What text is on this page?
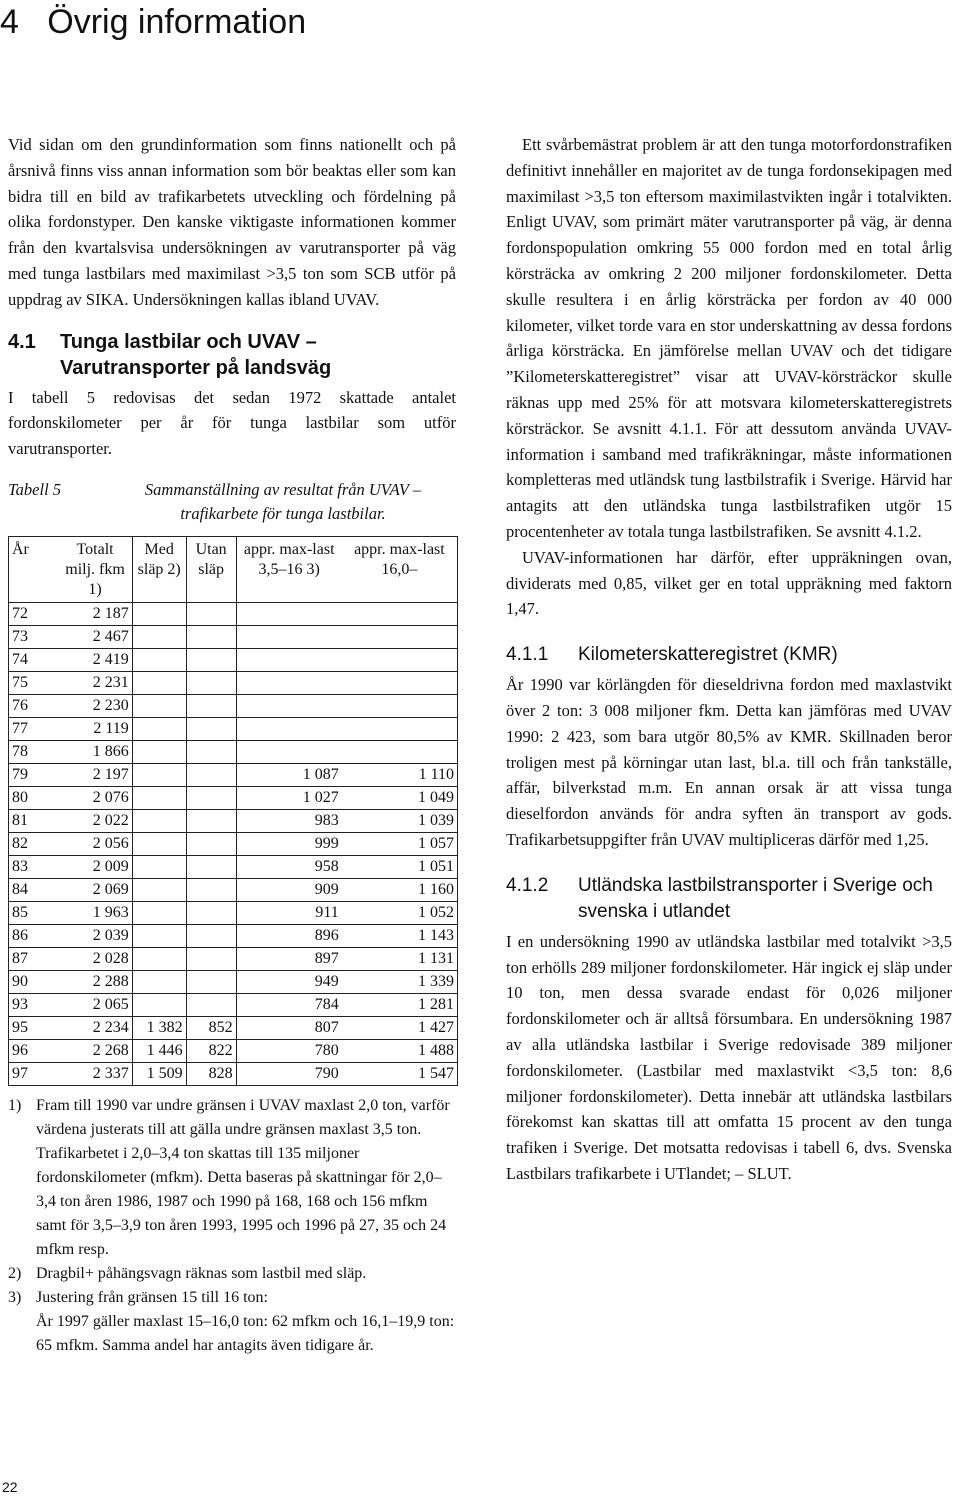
4   Övrig information

Vid sidan om den grundinformation som finns nationellt och på årsnivå finns viss annan information som bör beaktas eller som kan bidra till en bild av trafikarbetets utveckling och fördelning på olika fordonstyper. Den kanske viktigaste informationen kommer från den kvartalsvisa undersökningen av varutransporter på väg med tunga lastbilars med maximilast >3,5 ton som SCB utför på uppdrag av SIKA. Undersökningen kallas ibland UVAV.

4.1	Tunga lastbilar och UVAV – Varutransporter på landsväg

I tabell 5 redovisas det sedan 1972 skattade antalet fordonskilometer per år för tunga lastbilar som utför varutransporter.

Tabell 5	Sammanställning av resultat från UVAV – trafikarbete för tunga lastbilar.
År	Totalt milj. fkm 1)	Med släp 2)	Utan släp	appr. max-last 3,5–16 3)	appr. max-last 16,0–
72	2 187				
73	2 467				
74	2 419				
75	2 231				
76	2 230				
77	2 119				
78	1 866				
79	2 197			1 087	1 110
80	2 076			1 027	1 049
81	2 022			983	1 039
82	2 056			999	1 057
83	2 009			958	1 051
84	2 069			909	1 160
85	1 963			911	1 052
86	2 039			896	1 143
87	2 028			897	1 131
90	2 288			949	1 339
93	2 065			784	1 281
95	2 234	1 382	852	807	1 427
96	2 268	1 446	822	780	1 488
97	2 337	1 509	828	790	1 547
1) Fram till 1990 var undre gränsen i UVAV maxlast 2,0 ton, varför värdena justerats till att gälla undre gränsen maxlast 3,5 ton. Trafikarbetet i 2,0–3,4 ton skattas till 135 miljoner fordonskilometer (mfkm). Detta baseras på skattningar för 2,0–3,4 ton åren 1986, 1987 och 1990 på 168, 168 och 156 mfkm samt för 3,5–3,9 ton åren 1993, 1995 och 1996 på 27, 35 och 24 mfkm resp.
2) Dragbil+ påhängsvagn räknas som lastbil med släp.
3) Justering från gränsen 15 till 16 ton:
År 1997 gäller maxlast 15–16,0 ton: 62 mfkm och 16,1–19,9 ton: 65 mfkm. Samma andel har antagits även tidigare år.

Ett svårbemästrat problem är att den tunga motorfordonstrafiken definitivt innehåller en majoritet av de tunga fordonsekipagen med maximilast >3,5 ton eftersom maximilastvikten ingår i totalvikten. Enligt UVAV, som primärt mäter varutransporter på väg, är denna fordonspopulation omkring 55 000 fordon med en total årlig körsträcka av omkring 2 200 miljoner fordonskilometer. Detta skulle resultera i en årlig körsträcka per fordon av 40 000 kilometer, vilket torde vara en stor underskattning av dessa fordons årliga körsträcka. En jämförelse mellan UVAV och det tidigare ”Kilometerskatteregistret” visar att UVAV-körsträckor skulle räknas upp med 25% för att motsvara kilometerskatteregistrets körsträckor. Se avsnitt 4.1.1. För att dessutom använda UVAV-information i samband med trafikräkningar, måste informationen kompletteras med utländsk tung lastbilstrafik i Sverige. Härvid har antagits att den utländska tunga lastbilstrafiken utgör 15 procentenheter av totala tunga lastbilstrafiken. Se avsnitt 4.1.2.

UVAV-informationen har därför, efter uppräkningen ovan, dividerats med 0,85, vilket ger en total uppräkning med faktorn 1,47.

4.1.1	Kilometerskatteregistret (KMR)

År 1990 var körlängden för dieseldrivna fordon med maxlastvikt över 2 ton: 3 008 miljoner fkm. Detta kan jämföras med UVAV 1990: 2 423, som bara utgör 80,5% av KMR. Skillnaden beror troligen mest på körningar utan last, bl.a. till och från tankställe, affär, bilverkstad m.m. En annan orsak är att vissa tunga dieselfordon används för andra syften än transport av gods. Trafikarbetsuppgifter från UVAV multipliceras därför med 1,25.

4.1.2	Utländska lastbilstransporter i Sverige och svenska i utlandet

I en undersökning 1990 av utländska lastbilar med totalvikt >3,5 ton erhölls 289 miljoner fordonskilometer. Här ingick ej släp under 10 ton, men dessa svarade endast för 0,026 miljoner fordonskilometer och är alltså försumbara. En undersökning 1987 av alla utländska lastbilar i Sverige redovisade 389 miljoner fordonskilometer. (Lastbilar med maxlastvikt <3,5 ton: 8,6 miljoner fordonskilometer). Detta innebär att utländska lastbilars förekomst kan skattas till att omfatta 15 procent av den tunga trafiken i Sverige. Det motsatta redovisas i tabell 6, dvs. Svenska Lastbilars trafikarbete i UTlandet; – SLUT.

22
